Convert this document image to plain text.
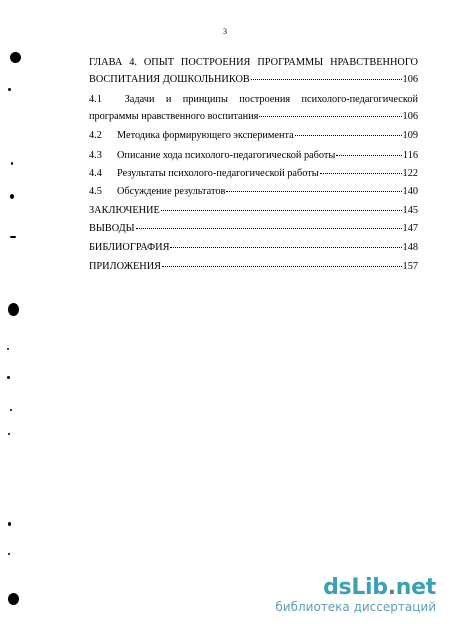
3
ГЛАВА 4. ОПЫТ ПОСТРОЕНИЯ ПРОГРАММЫ НРАВСТВЕННОГО
ВОСПИТАНИЯ ДОШКОЛЬНИКОВ	106
4.1 Задачи и принципы построения психолого-педагогической
программы нравственного воспитания	106
4.2 Методика формирующего эксперимента	109
4.3 Описание хода психолого-педагогической работы	116
4.4 Результаты психолого-педагогической работы	122
4.5 Обсуждение результатов	140
ЗАКЛЮЧЕНИЕ	145
ВЫВОДЫ	147
БИБЛИОГРАФИЯ	148
ПРИЛОЖЕНИЯ	157
dsLib.net
библиотека диссертаций
